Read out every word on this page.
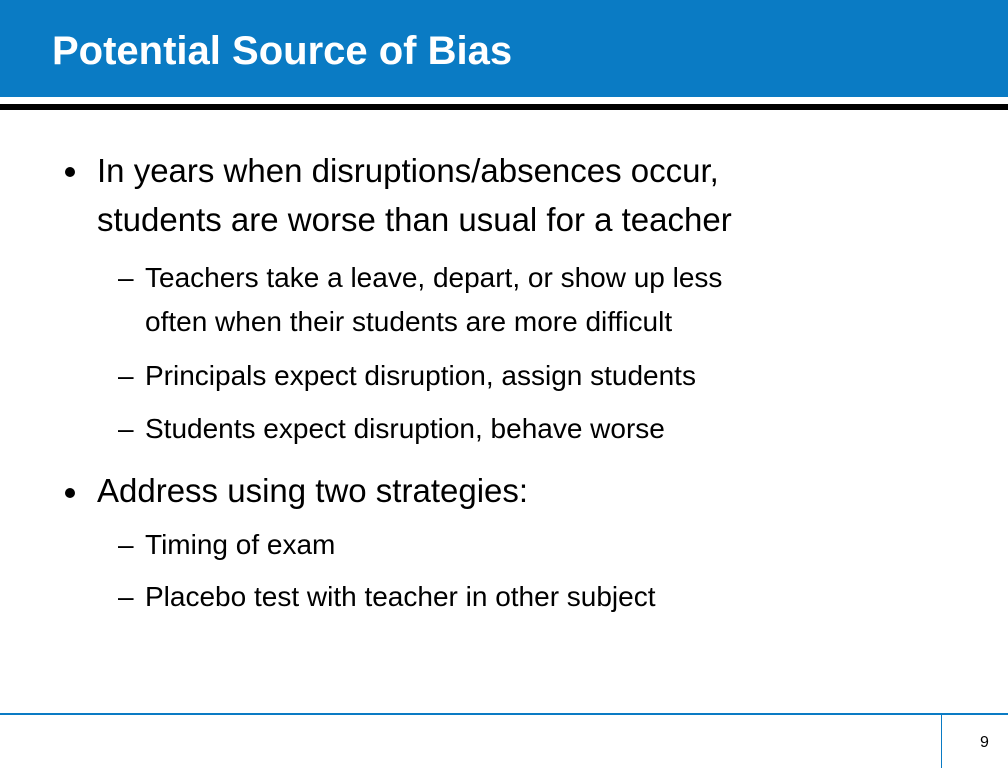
Potential Source of Bias
In years when disruptions/absences occur,
students are worse than usual for a teacher
– Teachers take a leave, depart, or show up less
often when their students are more difficult
– Principals expect disruption, assign students
– Students expect disruption, behave worse
Address using two strategies:
– Timing of exam
– Placebo test with teacher in other subject
9
